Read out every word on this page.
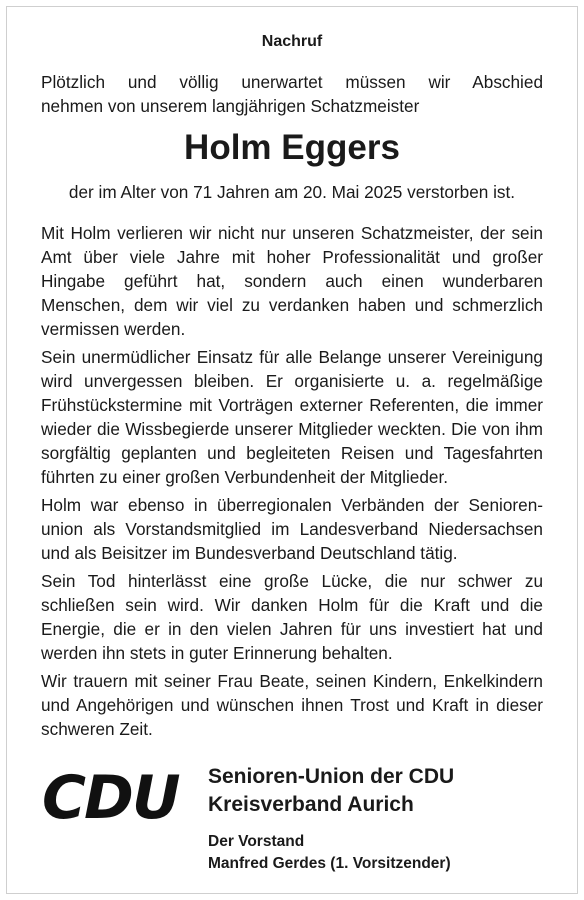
Nachruf
Plötzlich und völlig unerwartet müssen wir Abschied
nehmen von unserem langjährigen Schatzmeister
Holm Eggers
der im Alter von 71 Jahren am 20. Mai 2025 verstorben ist.

Mit Holm verlieren wir nicht nur unseren Schatzmeister, der sein Amt über viele Jahre mit hoher Professionalität und großer Hingabe geführt hat, sondern auch einen wunderbaren Menschen, dem wir viel zu verdanken haben und schmerzlich vermissen werden.

Sein unermüdlicher Einsatz für alle Belange unserer Vereinigung wird unvergessen bleiben. Er organisierte u. a. regelmäßige Frühstückstermine mit Vorträgen externer Referenten, die immer wieder die Wissbegierde unserer Mitglieder weckten. Die von ihm sorgfältig geplanten und begleiteten Reisen und Tagesfahrten führten zu einer großen Verbundenheit der Mitglieder.

Holm war ebenso in überregionalen Verbänden der Seniorenunion als Vorstandsmitglied im Landesverband Niedersachsen und als Beisitzer im Bundesverband Deutschland tätig.

Sein Tod hinterlässt eine große Lücke, die nur schwer zu schließen sein wird. Wir danken Holm für die Kraft und die Energie, die er in den vielen Jahren für uns investiert hat und werden ihn stets in guter Erinnerung behalten.

Wir trauern mit seiner Frau Beate, seinen Kindern, Enkelkindern und Angehörigen und wünschen ihnen Trost und Kraft in dieser schweren Zeit.

CDU Senioren-Union der CDU
Kreisverband Aurich
Der Vorstand
Manfred Gerdes (1. Vorsitzender)
